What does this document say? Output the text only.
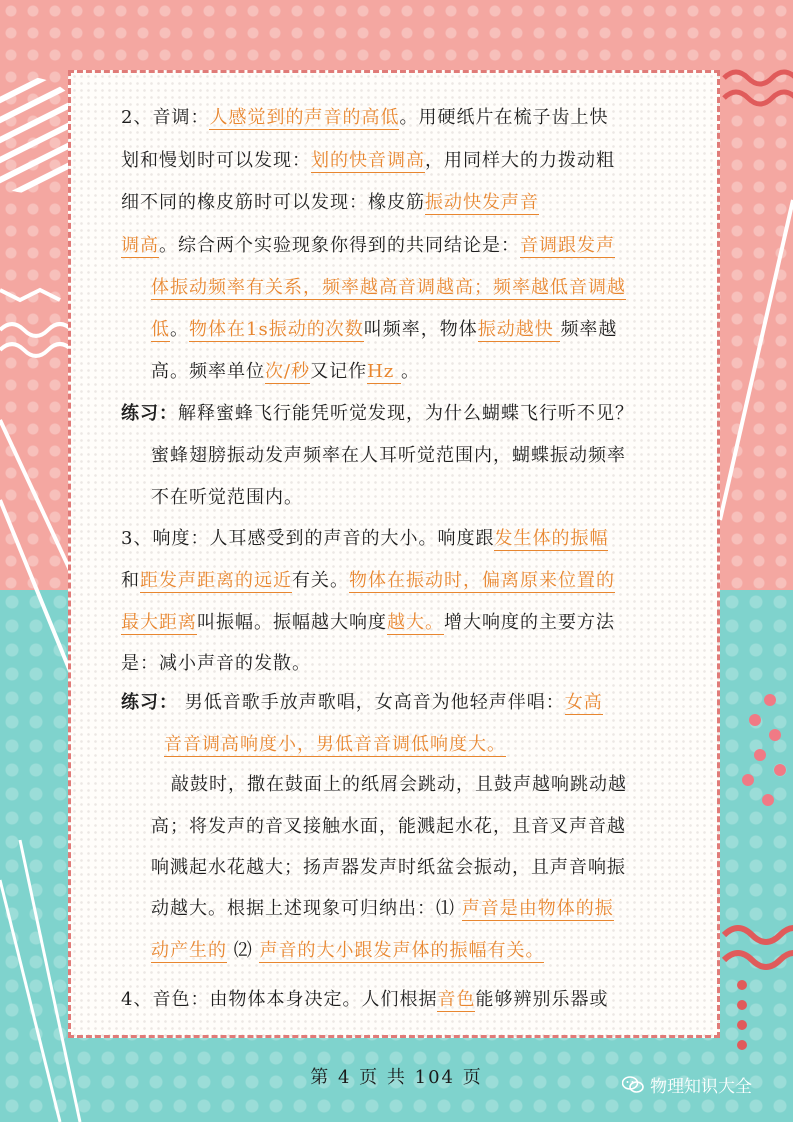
2、音调：人感觉到的声音的高低。用硬纸片在梳子齿上快
划和慢划时可以发现：划的快音调高，用同样大的力拨动粗
细不同的橡皮筋时可以发现：橡皮筋振动快发声音
调高。综合两个实验现象你得到的共同结论是：音调跟发声
体振动频率有关系，频率越高音调越高；频率越低音调越
低。物体在1s振动的次数叫频率，物体振动越快 频率越
高。频率单位次/秒又记作Hz 。
练习：解释蜜蜂飞行能凭听觉发现，为什么蝴蝶飞行听不见？
蜜蜂翅膀振动发声频率在人耳听觉范围内，蝴蝶振动频率
不在听觉范围内。
3、响度：人耳感受到的声音的大小。响度跟发生体的振幅
和距发声距离的远近有关。物体在振动时，偏离原来位置的
最大距离叫振幅。振幅越大响度越大。增大响度的主要方法
是：减小声音的发散。
练习： 男低音歌手放声歌唱，女高音为他轻声伴唱：女高
音音调高响度小，男低音音调低响度大。
敲鼓时，撒在鼓面上的纸屑会跳动，且鼓声越响跳动越
高；将发声的音叉接触水面，能溅起水花，且音叉声音越
响溅起水花越大；扬声器发声时纸盆会振动，且声音响振
动越大。根据上述现象可归纳出：⑴ 声音是由物体的振
动产生的 ⑵ 声音的大小跟发声体的振幅有关。
4、音色：由物体本身决定。人们根据音色能够辨别乐器或
第 4 页 共 104 页	物理知识大全
